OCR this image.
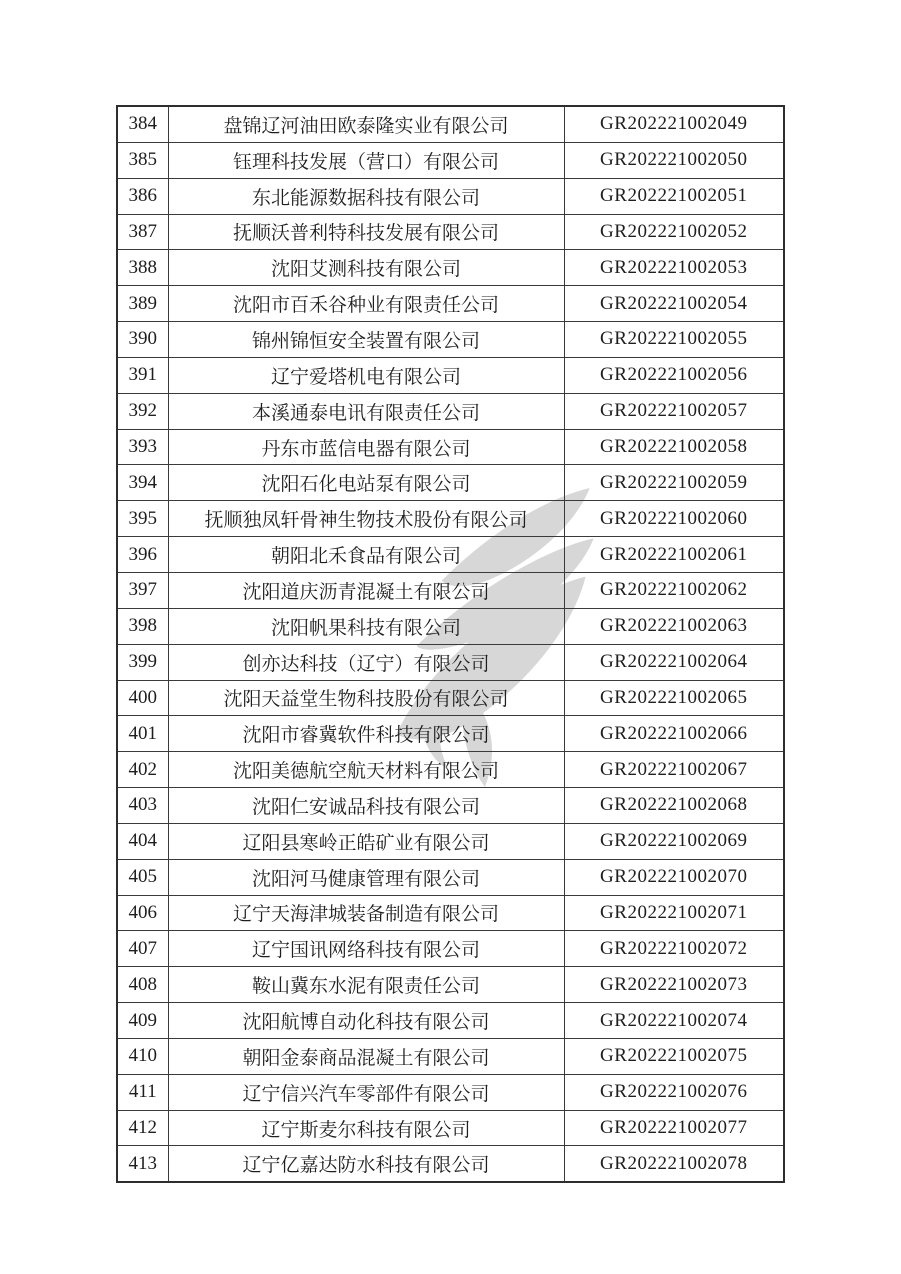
384	盘锦辽河油田欧泰隆实业有限公司	GR202221002049
385	钰理科技发展（营口）有限公司	GR202221002050
386	东北能源数据科技有限公司	GR202221002051
387	抚顺沃普利特科技发展有限公司	GR202221002052
388	沈阳艾测科技有限公司	GR202221002053
389	沈阳市百禾谷种业有限责任公司	GR202221002054
390	锦州锦恒安全装置有限公司	GR202221002055
391	辽宁爱塔机电有限公司	GR202221002056
392	本溪通泰电讯有限责任公司	GR202221002057
393	丹东市蓝信电器有限公司	GR202221002058
394	沈阳石化电站泵有限公司	GR202221002059
395	抚顺独凤轩骨神生物技术股份有限公司	GR202221002060
396	朝阳北禾食品有限公司	GR202221002061
397	沈阳道庆沥青混凝土有限公司	GR202221002062
398	沈阳帆果科技有限公司	GR202221002063
399	创亦达科技（辽宁）有限公司	GR202221002064
400	沈阳天益堂生物科技股份有限公司	GR202221002065
401	沈阳市睿冀软件科技有限公司	GR202221002066
402	沈阳美德航空航天材料有限公司	GR202221002067
403	沈阳仁安诚品科技有限公司	GR202221002068
404	辽阳县寒岭正皓矿业有限公司	GR202221002069
405	沈阳河马健康管理有限公司	GR202221002070
406	辽宁天海津城装备制造有限公司	GR202221002071
407	辽宁国讯网络科技有限公司	GR202221002072
408	鞍山冀东水泥有限责任公司	GR202221002073
409	沈阳航博自动化科技有限公司	GR202221002074
410	朝阳金泰商品混凝土有限公司	GR202221002075
411	辽宁信兴汽车零部件有限公司	GR202221002076
412	辽宁斯麦尔科技有限公司	GR202221002077
413	辽宁亿嘉达防水科技有限公司	GR202221002078
